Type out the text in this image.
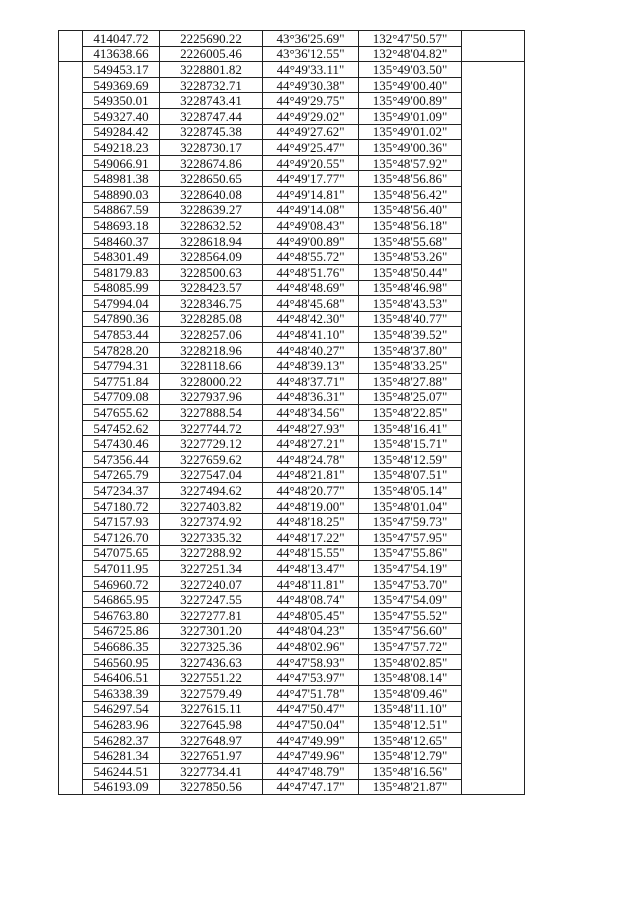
	414047.72	2225690.22	43°36'25.69"	132°47'50.57"	
	413638.66	2226005.46	43°36'12.55"	132°48'04.82"	
	549453.17	3228801.82	44°49'33.11"	135°49'03.50"	
	549369.69	3228732.71	44°49'30.38"	135°49'00.40"	
	549350.01	3228743.41	44°49'29.75"	135°49'00.89"	
	549327.40	3228747.44	44°49'29.02"	135°49'01.09"	
	549284.42	3228745.38	44°49'27.62"	135°49'01.02"	
	549218.23	3228730.17	44°49'25.47"	135°49'00.36"	
	549066.91	3228674.86	44°49'20.55"	135°48'57.92"	
	548981.38	3228650.65	44°49'17.77"	135°48'56.86"	
	548890.03	3228640.08	44°49'14.81"	135°48'56.42"	
	548867.59	3228639.27	44°49'14.08"	135°48'56.40"	
	548693.18	3228632.52	44°49'08.43"	135°48'56.18"	
	548460.37	3228618.94	44°49'00.89"	135°48'55.68"	
	548301.49	3228564.09	44°48'55.72"	135°48'53.26"	
	548179.83	3228500.63	44°48'51.76"	135°48'50.44"	
	548085.99	3228423.57	44°48'48.69"	135°48'46.98"	
	547994.04	3228346.75	44°48'45.68"	135°48'43.53"	
	547890.36	3228285.08	44°48'42.30"	135°48'40.77"	
	547853.44	3228257.06	44°48'41.10"	135°48'39.52"	
	547828.20	3228218.96	44°48'40.27"	135°48'37.80"	
	547794.31	3228118.66	44°48'39.13"	135°48'33.25"	
	547751.84	3228000.22	44°48'37.71"	135°48'27.88"	
	547709.08	3227937.96	44°48'36.31"	135°48'25.07"	
	547655.62	3227888.54	44°48'34.56"	135°48'22.85"	
	547452.62	3227744.72	44°48'27.93"	135°48'16.41"	
	547430.46	3227729.12	44°48'27.21"	135°48'15.71"	
	547356.44	3227659.62	44°48'24.78"	135°48'12.59"	
	547265.79	3227547.04	44°48'21.81"	135°48'07.51"	
	547234.37	3227494.62	44°48'20.77"	135°48'05.14"	
	547180.72	3227403.82	44°48'19.00"	135°48'01.04"	
	547157.93	3227374.92	44°48'18.25"	135°47'59.73"	
	547126.70	3227335.32	44°48'17.22"	135°47'57.95"	
	547075.65	3227288.92	44°48'15.55"	135°47'55.86"	
	547011.95	3227251.34	44°48'13.47"	135°47'54.19"	
	546960.72	3227240.07	44°48'11.81"	135°47'53.70"	
	546865.95	3227247.55	44°48'08.74"	135°47'54.09"	
	546763.80	3227277.81	44°48'05.45"	135°47'55.52"	
	546725.86	3227301.20	44°48'04.23"	135°47'56.60"	
	546686.35	3227325.36	44°48'02.96"	135°47'57.72"	
	546560.95	3227436.63	44°47'58.93"	135°48'02.85"	
	546406.51	3227551.22	44°47'53.97"	135°48'08.14"	
	546338.39	3227579.49	44°47'51.78"	135°48'09.46"	
	546297.54	3227615.11	44°47'50.47"	135°48'11.10"	
	546283.96	3227645.98	44°47'50.04"	135°48'12.51"	
	546282.37	3227648.97	44°47'49.99"	135°48'12.65"	
	546281.34	3227651.97	44°47'49.96"	135°48'12.79"	
	546244.51	3227734.41	44°47'48.79"	135°48'16.56"	
	546193.09	3227850.56	44°47'47.17"	135°48'21.87"	
